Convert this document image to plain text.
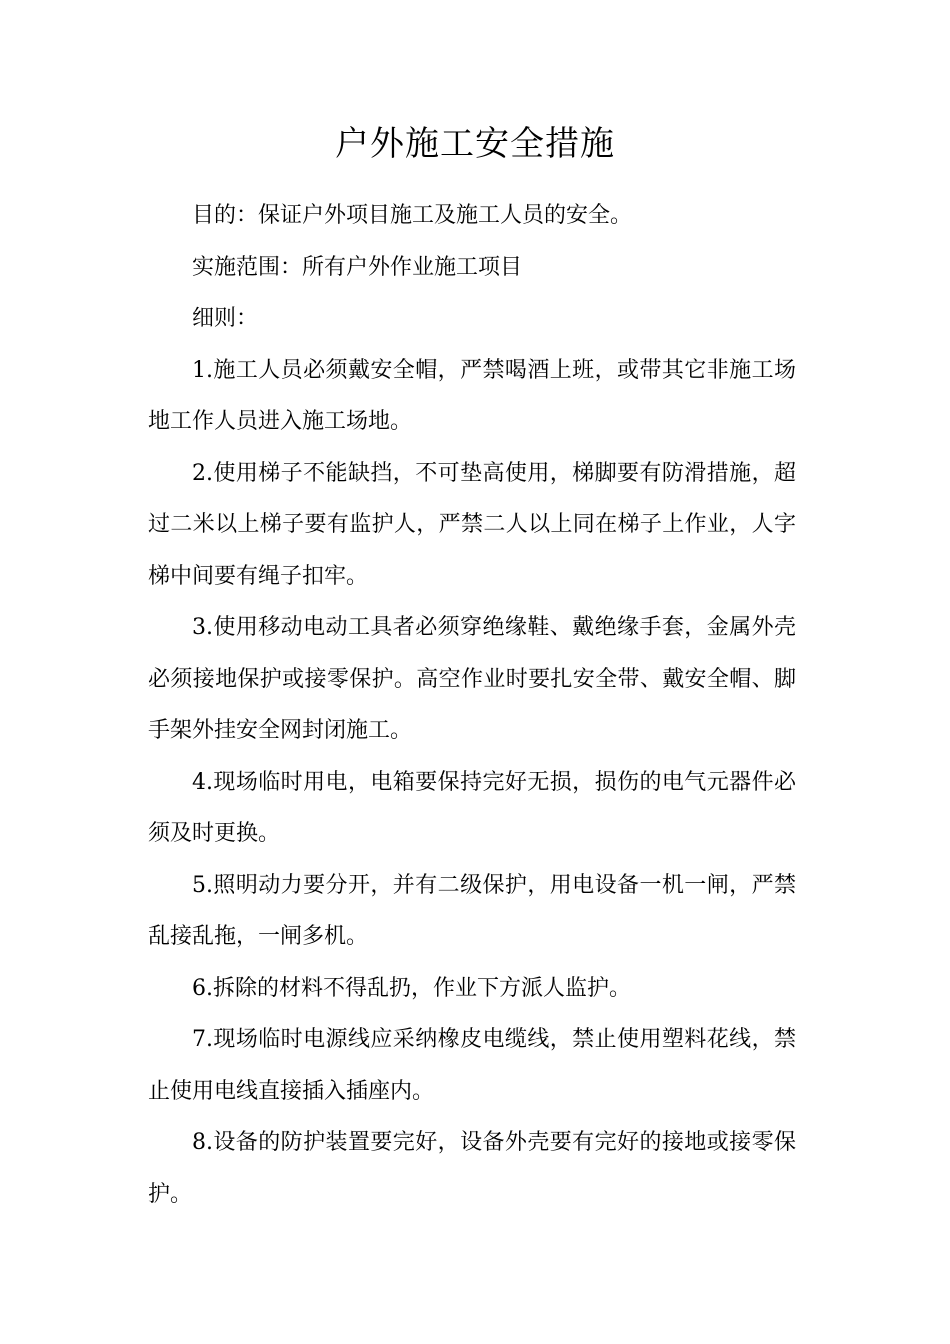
户外施工安全措施

目的：保证户外项目施工及施工人员的安全。

实施范围：所有户外作业施工项目

细则：

1.施工人员必须戴安全帽，严禁喝酒上班，或带其它非施工场地工作人员进入施工场地。

2.使用梯子不能缺挡，不可垫高使用，梯脚要有防滑措施，超过二米以上梯子要有监护人，严禁二人以上同在梯子上作业，人字梯中间要有绳子扣牢。

3.使用移动电动工具者必须穿绝缘鞋、戴绝缘手套，金属外壳必须接地保护或接零保护。高空作业时要扎安全带、戴安全帽、脚手架外挂安全网封闭施工。

4.现场临时用电，电箱要保持完好无损，损伤的电气元器件必须及时更换。

5.照明动力要分开，并有二级保护，用电设备一机一闸，严禁乱接乱拖，一闸多机。

6.拆除的材料不得乱扔，作业下方派人监护。

7.现场临时电源线应采纳橡皮电缆线，禁止使用塑料花线，禁止使用电线直接插入插座内。

8.设备的防护装置要完好，设备外壳要有完好的接地或接零保护。
